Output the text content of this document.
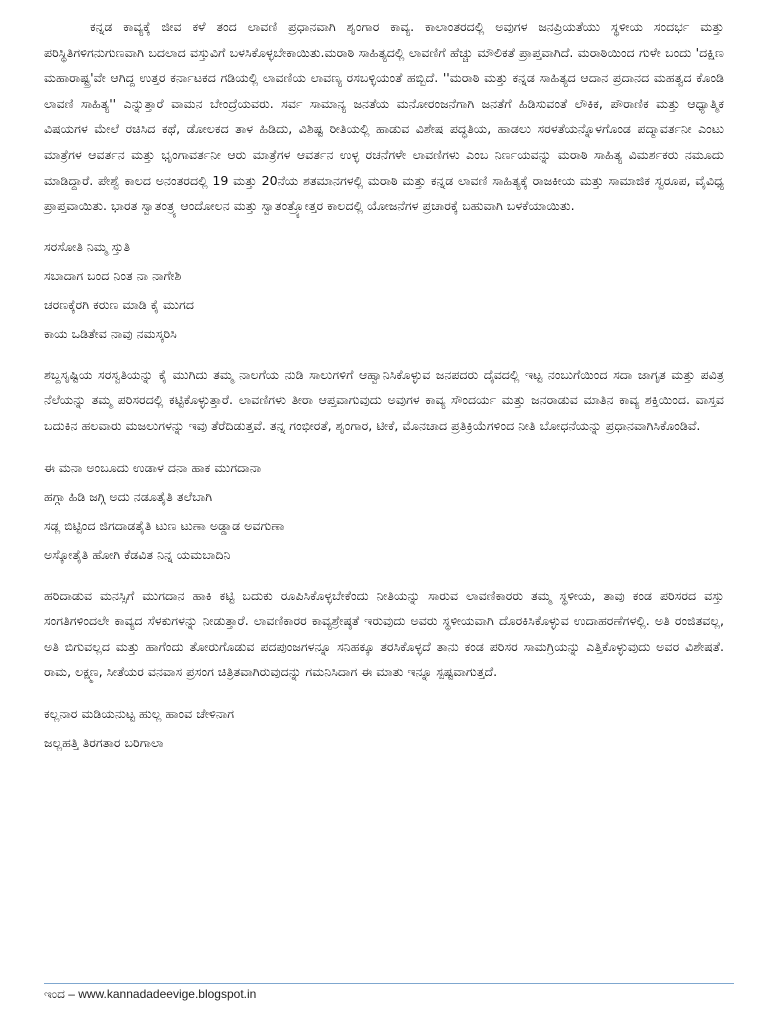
ಕನ್ನಡ ಕಾವ್ಯಕ್ಕೆ ಜೀವ ಕಳೆ ತಂದ ಲಾವಣಿ ಪ್ರಧಾನವಾಗಿ ಶೃಂಗಾರ ಕಾವ್ಯ. ಕಾಲಾಂತರದಲ್ಲಿ ಅವುಗಳ ಜನಪ್ರಿಯತೆಯು ಸ್ಥಳೀಯ ಸಂದರ್ಭ ಮತ್ತು ಪರಿಸ್ಥಿತಿಗಳಿಗನುಗುಣವಾಗಿ ಬದಲಾದ ವಸ್ತುವಿಗೆ ಬಳಸಿಕೊಳ್ಳಬೇಕಾಯಿತು.ಮರಾಠಿ ಸಾಹಿತ್ಯದಲ್ಲಿ ಲಾವಣಿಗೆ ಹೆಚ್ಚು ಮೌಲಿಕತೆ ಪ್ರಾಪ್ತವಾಗಿದೆ. ಮರಾಠಿಯಿಂದ ಗುಳೇ ಬಂದು 'ದಕ್ಷಿಣ ಮಹಾರಾಷ್ಟ್ರ'ವೇ ಆಗಿದ್ದ ಉತ್ತರ ಕರ್ನಾಟಕದ ಗಡಿಯಲ್ಲಿ ಲಾವಣಿಯ ಲಾವಣ್ಯ ರಸಬಳ್ಳಿಯಂತೆ ಹಬ್ಬಿದೆ. ''ಮರಾಠಿ ಮತ್ತು ಕನ್ನಡ ಸಾಹಿತ್ಯದ ಆದಾನ ಪ್ರದಾನದ ಮಹತ್ವದ ಕೊಂಡಿ ಲಾವಣಿ ಸಾಹಿತ್ಯ'' ಎನ್ನುತ್ತಾರೆ ವಾಮನ ಬೇಂದ್ರೆಯವರು. ಸರ್ವ ಸಾಮಾನ್ಯ ಜನತೆಯ ಮನೋರಂಜನೆಗಾಗಿ ಜನತೆಗೆ ಹಿಡಿಸುವಂತೆ ಲೌಕಿಕ, ಪೌರಾಣಿಕ ಮತ್ತು ಆಧ್ಯಾತ್ಮಿಕ ವಿಷಯಗಳ ಮೇಲೆ ರಚಿಸಿದ ಕಥೆ, ಡೋಲಕದ ತಾಳ ಹಿಡಿದು, ವಿಶಿಷ್ಟ ರೀತಿಯಲ್ಲಿ ಹಾಡುವ ವಿಶೇಷ ಪದ್ಧತಿಯ, ಹಾಡಲು ಸರಳತೆಯನ್ನೊಳಗೊಂಡ ಪದ್ಮಾವರ್ತನೀ ಎಂಟು ಮಾತ್ರೆಗಳ ಆವರ್ತನ ಮತ್ತು ಭೃಂಗಾವರ್ತನೀ ಆರು ಮಾತ್ರೆಗಳ ಆವರ್ತನ ಉಳ್ಳ ರಚನೆಗಳೇ ಲಾವಣಿಗಳು ಎಂಬ ನಿರ್ಣಯವನ್ನು ಮರಾಠಿ ಸಾಹಿತ್ಯ ವಿಮರ್ಶಕರು ನಮೂದು ಮಾಡಿದ್ದಾರೆ. ಪೇಶ್ವೆ ಕಾಲದ ಅನಂತರದಲ್ಲಿ 19 ಮತ್ತು 20ನೆಯ ಶತಮಾನಗಳಲ್ಲಿ ಮರಾಠಿ ಮತ್ತು ಕನ್ನಡ ಲಾವಣಿ ಸಾಹಿತ್ಯಕ್ಕೆ ರಾಜಕೀಯ ಮತ್ತು ಸಾಮಾಜಿಕ ಸ್ವರೂಪ, ವೈವಿಧ್ಯ ಪ್ರಾಪ್ತವಾಯಿತು. ಭಾರತ ಸ್ವಾತಂತ್ರ್ಯ ಆಂದೋಲನ ಮತ್ತು ಸ್ವಾತಂತ್ರ್ಯೋತ್ತರ ಕಾಲದಲ್ಲಿ ಯೋಜನೆಗಳ ಪ್ರಚಾರಕ್ಕೆ ಬಹುವಾಗಿ ಬಳಕೆಯಾಯಿತು.

ಸರಸೋತಿ ನಿಮ್ಮ ಸ್ತುತಿ
ಸಬಾದಾಗ ಬಂದ ನಿಂತ ನಾ ನಾಗೇಶಿ
ಚರಣಕ್ಕೆರಗಿ ಕರುಣ ಮಾಡಿ ಕೈ ಮುಗದ
ಕಾಯ ಒಡಿತೇವ ನಾವು ನಮಸ್ಕರಿಸಿ

ಶಬ್ದಸೃಷ್ಟಿಯ ಸರಸ್ವತಿಯನ್ನು ಕೈ ಮುಗಿದು ತಮ್ಮ ನಾಲಗೆಯ ನುಡಿ ಸಾಲುಗಳಿಗೆ ಆಹ್ವಾನಿಸಿಕೊಳ್ಳುವ ಜನಪದರು ದೈವದಲ್ಲಿ ಇಟ್ಟ ನಂಬುಗೆಯಿಂದ ಸದಾ ಜಾಗೃತ ಮತ್ತು ಪವಿತ್ರ ನೆಲೆಯನ್ನು ತಮ್ಮ ಪರಿಸರದಲ್ಲಿ ಕಟ್ಟಿಕೊಳ್ಳುತ್ತಾರೆ. ಲಾವಣಿಗಳು ತೀರಾ ಆಪ್ತವಾಗುವುದು ಅವುಗಳ ಕಾವ್ಯ ಸೌಂದರ್ಯ ಮತ್ತು ಜನರಾಡುವ ಮಾತಿನ ಕಾವ್ಯ ಶಕ್ತಿಯಿಂದ. ವಾಸ್ತವ ಬದುಕಿನ ಹಲವಾರು ಮಜಲುಗಳನ್ನು ಇವು ತೆರೆದಿಡುತ್ತವೆ. ತನ್ನ ಗಂಭೀರತೆ, ಶೃಂಗಾರ, ಟೀಕೆ, ಮೊನಚಾದ ಪ್ರತಿಕ್ರಿಯೆಗಳಿಂದ ನೀತಿ ಬೋಧನೆಯನ್ನು ಪ್ರಧಾನವಾಗಿಸಿಕೊಂಡಿವೆ.

ಈ ಮನಾ ಅಂಬೂದು ಉಡಾಳ ದನಾ ಹಾಕ ಮುಗದಾನಾ
ಹಗ್ಗಾ ಹಿಡಿ ಜಗ್ಗಿ ಅದು ನಡೂತೈತಿ ತಲೆಬಾಗಿ
ಸಡ್ಲ ಬಿಟ್ಟಿಂದ ಜಿಗದಾಡತೈತಿ ಟುಣ ಟುಣಾ ಅಡ್ಡಾಡ ಅವಗುಣಾ
ಅಸ್ಕೋತೈತಿ ಹೋಗಿ ಕೆಡವಿತ ನಿನ್ನ ಯಮಬಾದಿನಿ

ಹರಿದಾಡುವ ಮನಸ್ಸಿಗೆ ಮುಗದಾನ ಹಾಕಿ ಕಟ್ಟಿ ಬದುಕು ರೂಪಿಸಿಕೊಳ್ಳಬೇಕೆಂದು ನೀತಿಯನ್ನು ಸಾರುವ ಲಾವಣಿಕಾರರು ತಮ್ಮ ಸ್ಥಳೀಯ, ತಾವು ಕಂಡ ಪರಿಸರದ ವಸ್ತು ಸಂಗತಿಗಳಿಂದಲೇ ಕಾವ್ಯದ ಸೆಳಕುಗಳನ್ನು ನೀಡುತ್ತಾರೆ. ಲಾವಣಿಕಾರರ ಕಾವ್ಯಶ್ರೇಷ್ಠತೆ ಇರುವುದು ಅವರು ಸ್ಥಳೀಯವಾಗಿ ದೊರಕಿಸಿಕೊಳ್ಳುವ ಉದಾಹರಣೆಗಳಲ್ಲಿ. ಅತಿ ರಂಜಿತವಲ್ಲ, ಅತಿ ಬಿಗುವಲ್ಲದ ಮತ್ತು ಹಾಗೆಂದು ತೋರುಗೊಡುವ ಪದಪುಂಜಗಳನ್ನೂ ಸನಿಹಕ್ಕೂ ತರಸಿಕೊಳ್ಳದೆ ತಾನು ಕಂಡ ಪರಿಸರ ಸಾಮಗ್ರಿಯನ್ನು ಎತ್ತಿಕೊಳ್ಳುವುದು ಅವರ ವಿಶೇಷತೆ. ರಾಮ, ಲಕ್ಷ್ಮಣ, ಸೀತೆಯರ ವನವಾಸ ಪ್ರಸಂಗ ಚಿತ್ರಿತವಾಗಿರುವುದನ್ನು ಗಮನಿಸಿದಾಗ ಈ ಮಾತು ಇನ್ನೂ ಸ್ಪಷ್ಟವಾಗುತ್ತದೆ.

ಕಲ್ಲನಾರ ಮಡಿಯನುಟ್ಟ ಹುಲ್ಲ ಹಾಂವ ಚೇಳಿನಾಗ
ಜಲ್ಲಹತ್ತಿ ತಿರಗತಾರ ಬರಿಗಾಲಾ
ಇಂದ – www.kannadadeevige.blogspot.in
